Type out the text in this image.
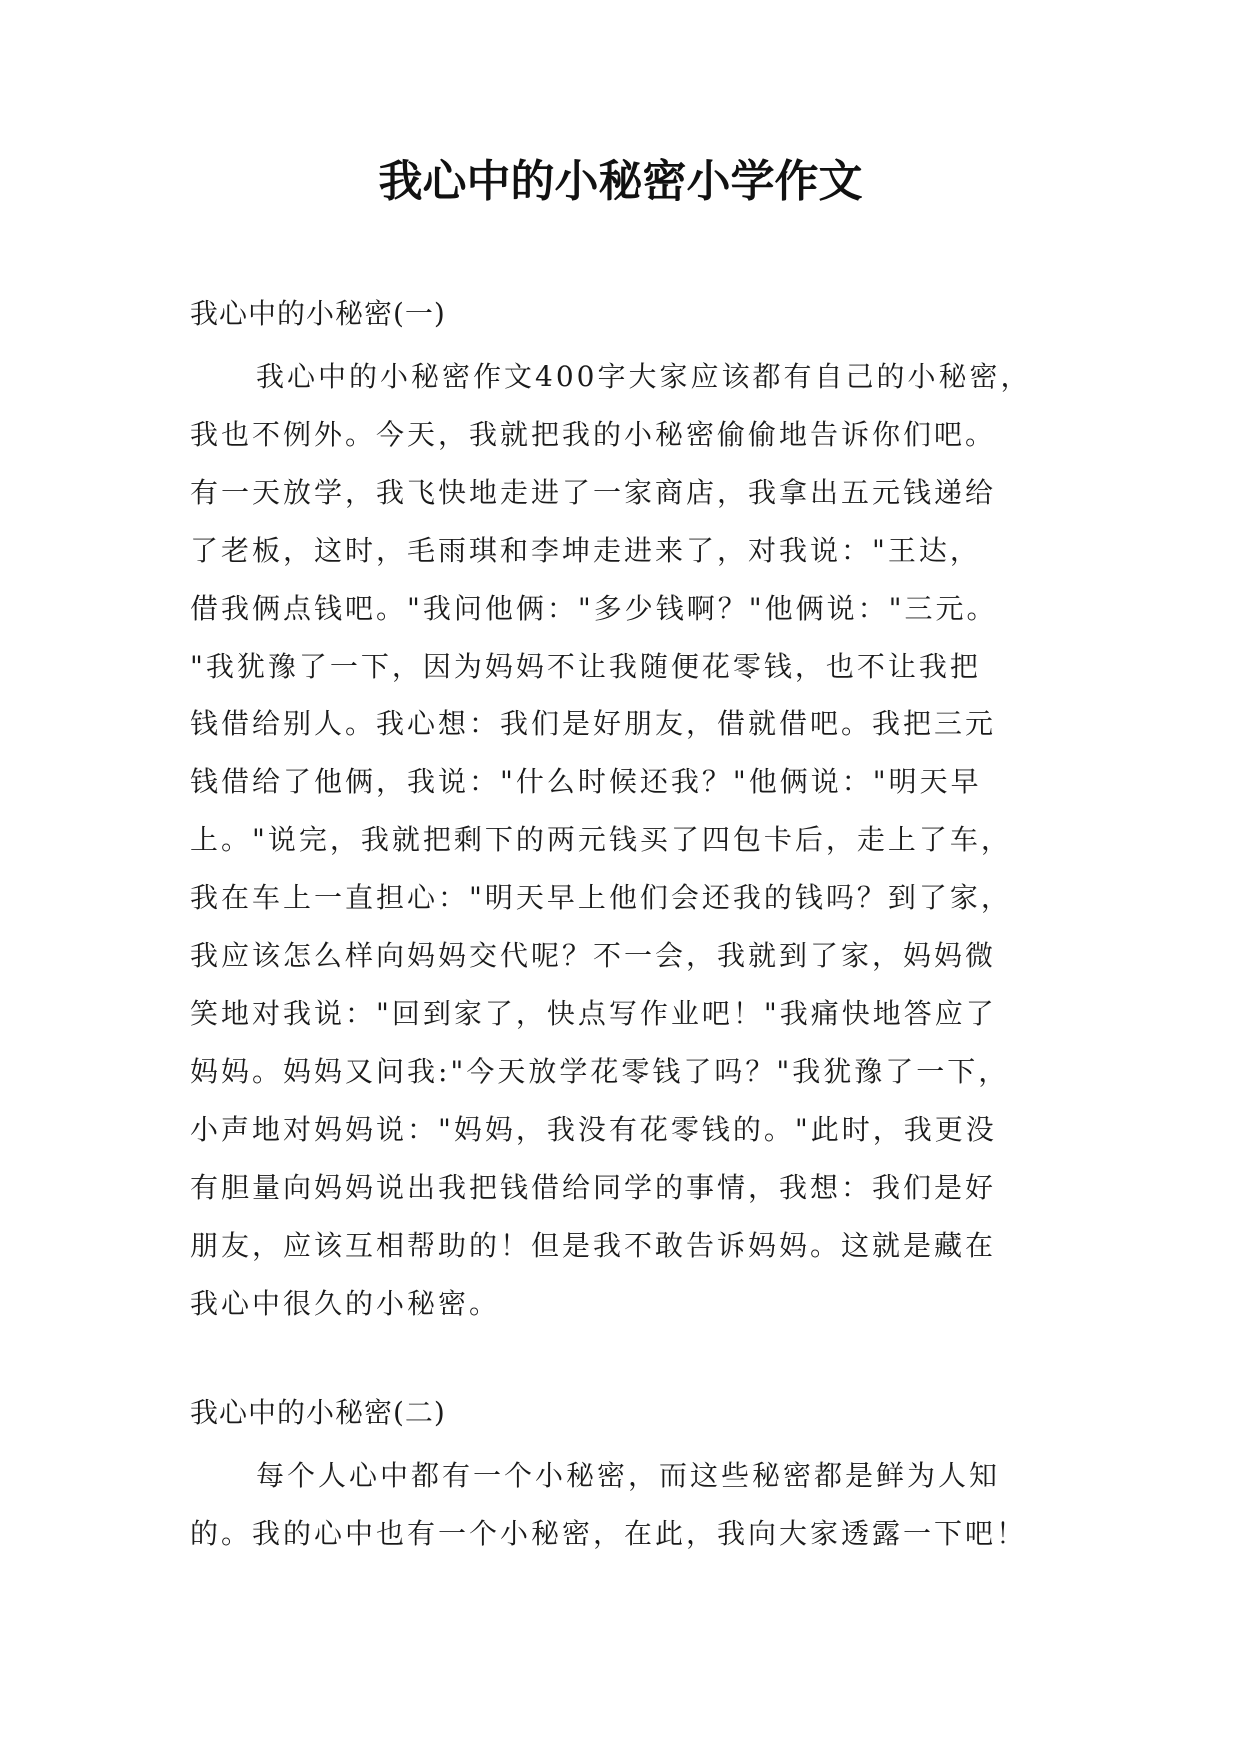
我心中的小秘密小学作文
我心中的小秘密(一)
我心中的小秘密作文400字大家应该都有自己的小秘密，
我也不例外。今天，我就把我的小秘密偷偷地告诉你们吧。
有一天放学，我飞快地走进了一家商店，我拿出五元钱递给
了老板，这时，毛雨琪和李坤走进来了，对我说："王达，
借我俩点钱吧。"我问他俩："多少钱啊？"他俩说："三元。
"我犹豫了一下，因为妈妈不让我随便花零钱，也不让我把
钱借给别人。我心想：我们是好朋友，借就借吧。我把三元
钱借给了他俩，我说："什么时候还我？"他俩说："明天早
上。"说完，我就把剩下的两元钱买了四包卡后，走上了车，
我在车上一直担心："明天早上他们会还我的钱吗？到了家，
我应该怎么样向妈妈交代呢？不一会，我就到了家，妈妈微
笑地对我说："回到家了，快点写作业吧！"我痛快地答应了
妈妈。妈妈又问我:"今天放学花零钱了吗？"我犹豫了一下，
小声地对妈妈说："妈妈，我没有花零钱的。"此时，我更没
有胆量向妈妈说出我把钱借给同学的事情，我想：我们是好
朋友，应该互相帮助的！但是我不敢告诉妈妈。这就是藏在
我心中很久的小秘密。
我心中的小秘密(二)
每个人心中都有一个小秘密，而这些秘密都是鲜为人知
的。我的心中也有一个小秘密，在此，我向大家透露一下吧！
